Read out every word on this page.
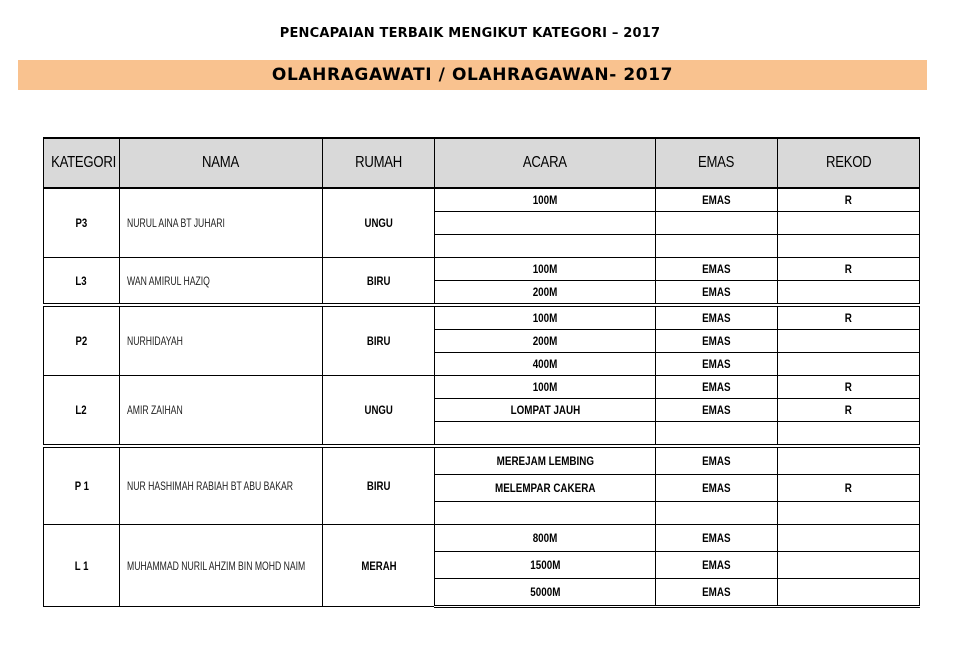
PENCAPAIAN TERBAIK MENGIKUT KATEGORI – 2017
OLAHRAGAWATI / OLAHRAGAWAN- 2017
KATEGORI	NAMA	RUMAH	ACARA	EMAS	REKOD
P3	NURUL AINA BT JUHARI	UNGU	100M	EMAS	R

L3	WAN AMIRUL HAZIQ	BIRU	100M	EMAS	R
			200M	EMAS	
P2	NURHIDAYAH	BIRU	100M	EMAS	R
			200M	EMAS	
			400M	EMAS	
L2	AMIR ZAIHAN	UNGU	100M	EMAS	R
			LOMPAT JAUH	EMAS	R

P 1	NUR HASHIMAH RABIAH BT ABU BAKAR	BIRU	MEREJAM LEMBING	EMAS	
			MELEMPAR CAKERA	EMAS	R

L 1	MUHAMMAD NURIL AHZIM BIN MOHD NAIM	MERAH	800M	EMAS	
			1500M	EMAS	
			5000M	EMAS	
